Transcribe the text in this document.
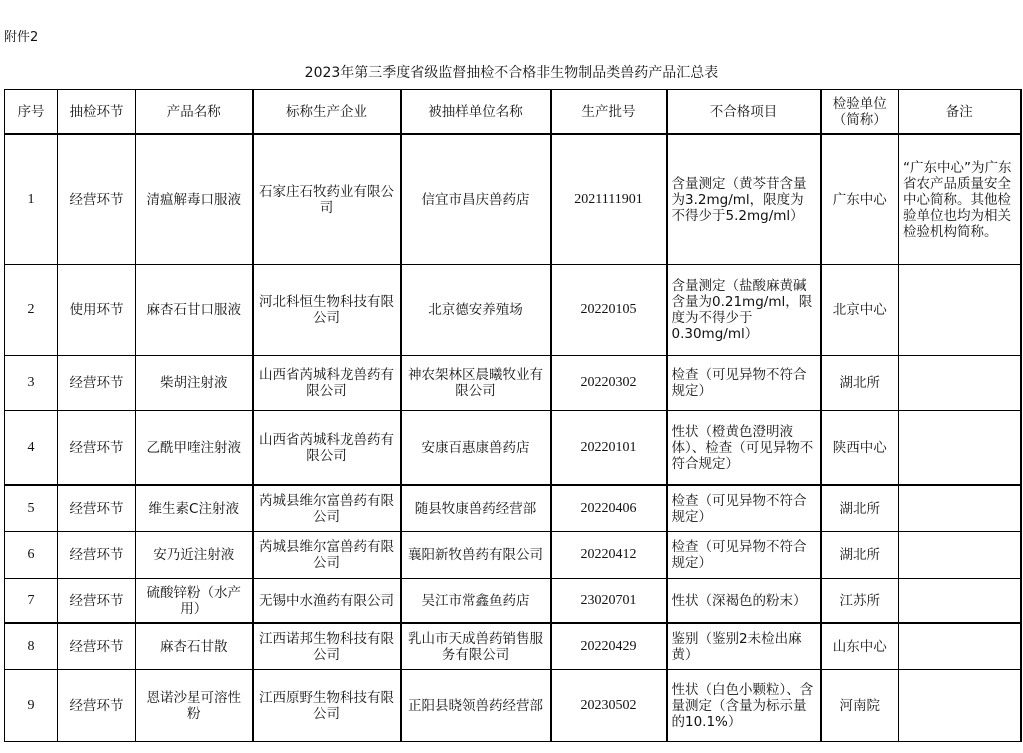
附件2
2023年第三季度省级监督抽检不合格非生物制品类兽药产品汇总表
序号	抽检环节	产品名称	标称生产企业	被抽样单位名称	生产批号	不合格项目	检验单位（简称）	备注
1	经营环节	清瘟解毒口服液	石家庄石牧药业有限公司	信宜市昌庆兽药店	2021111901	含量测定（黄芩苷含量为3.2mg/ml，限度为不得少于5.2mg/ml）	广东中心	“广东中心”为广东省农产品质量安全中心简称。其他检验单位也均为相关检验机构简称。
2	使用环节	麻杏石甘口服液	河北科恒生物科技有限公司	北京德安养殖场	20220105	含量测定（盐酸麻黄碱含量为0.21mg/ml，限度为不得少于0.30mg/ml）	北京中心	
3	经营环节	柴胡注射液	山西省芮城科龙兽药有限公司	神农架林区晨曦牧业有限公司	20220302	检查（可见异物不符合规定）	湖北所	
4	经营环节	乙酰甲喹注射液	山西省芮城科龙兽药有限公司	安康百惠康兽药店	20220101	性状（橙黄色澄明液体）、检查（可见异物不符合规定）	陕西中心	
5	经营环节	维生素C注射液	芮城县维尔富兽药有限公司	随县牧康兽药经营部	20220406	检查（可见异物不符合规定）	湖北所	
6	经营环节	安乃近注射液	芮城县维尔富兽药有限公司	襄阳新牧兽药有限公司	20220412	检查（可见异物不符合规定）	湖北所	
7	经营环节	硫酸锌粉（水产用）	无锡中水渔药有限公司	吴江市常鑫鱼药店	23020701	性状（深褐色的粉末）	江苏所	
8	经营环节	麻杏石甘散	江西诺邦生物科技有限公司	乳山市天成兽药销售服务有限公司	20220429	鉴别（鉴别2未检出麻黄）	山东中心	
9	经营环节	恩诺沙星可溶性粉	江西原野生物科技有限公司	正阳县晓领兽药经营部	20230502	性状（白色小颗粒）、含量测定（含量为标示量的10.1%）	河南院	
